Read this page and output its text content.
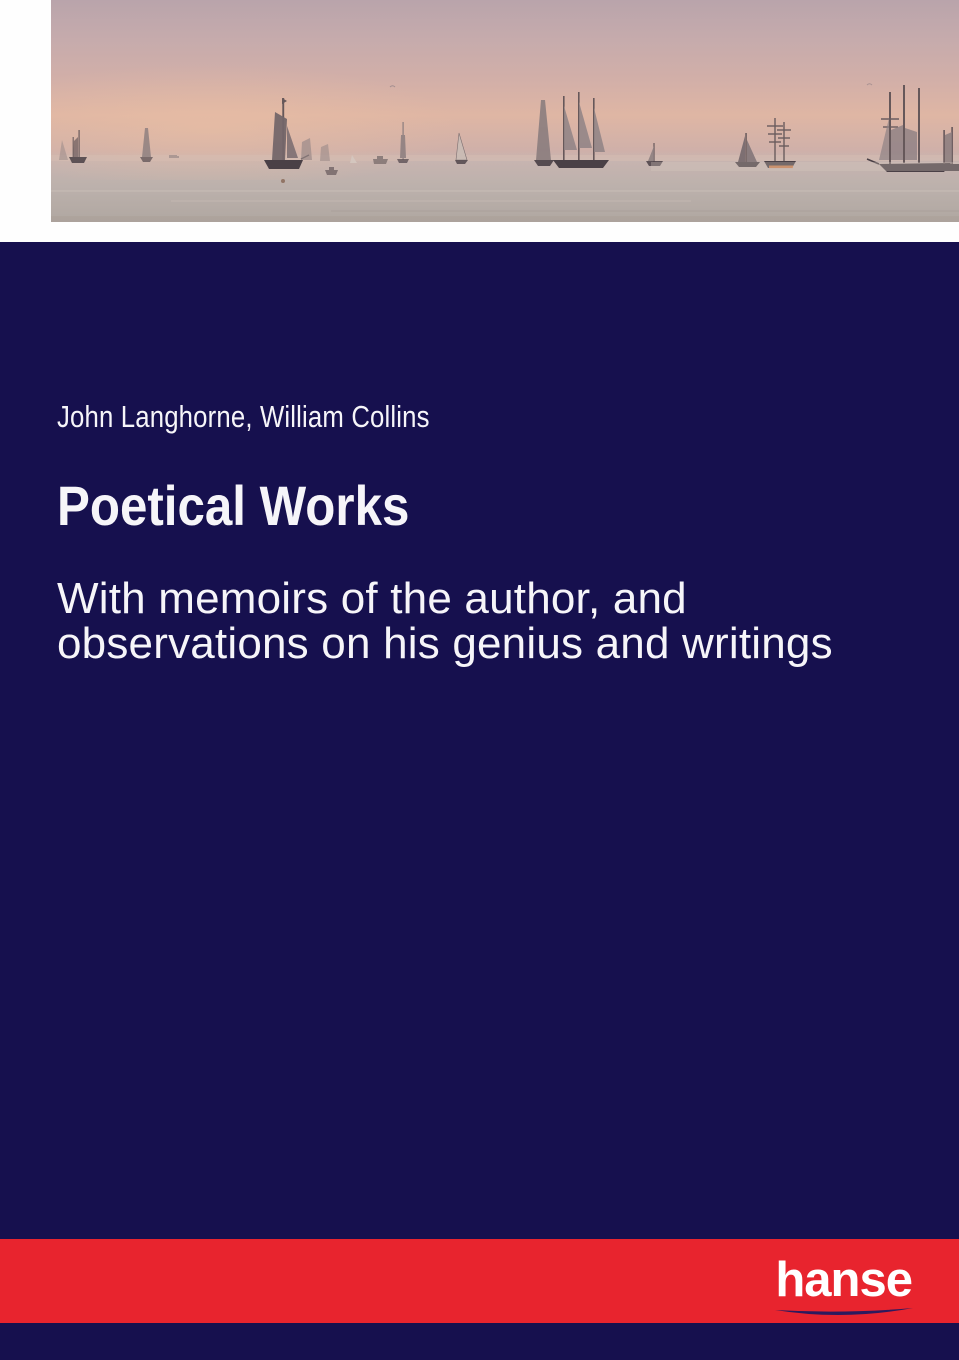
John Langhorne, William Collins
Poetical Works
With memoirs of the author, and
observations on his genius and writings
hanse
